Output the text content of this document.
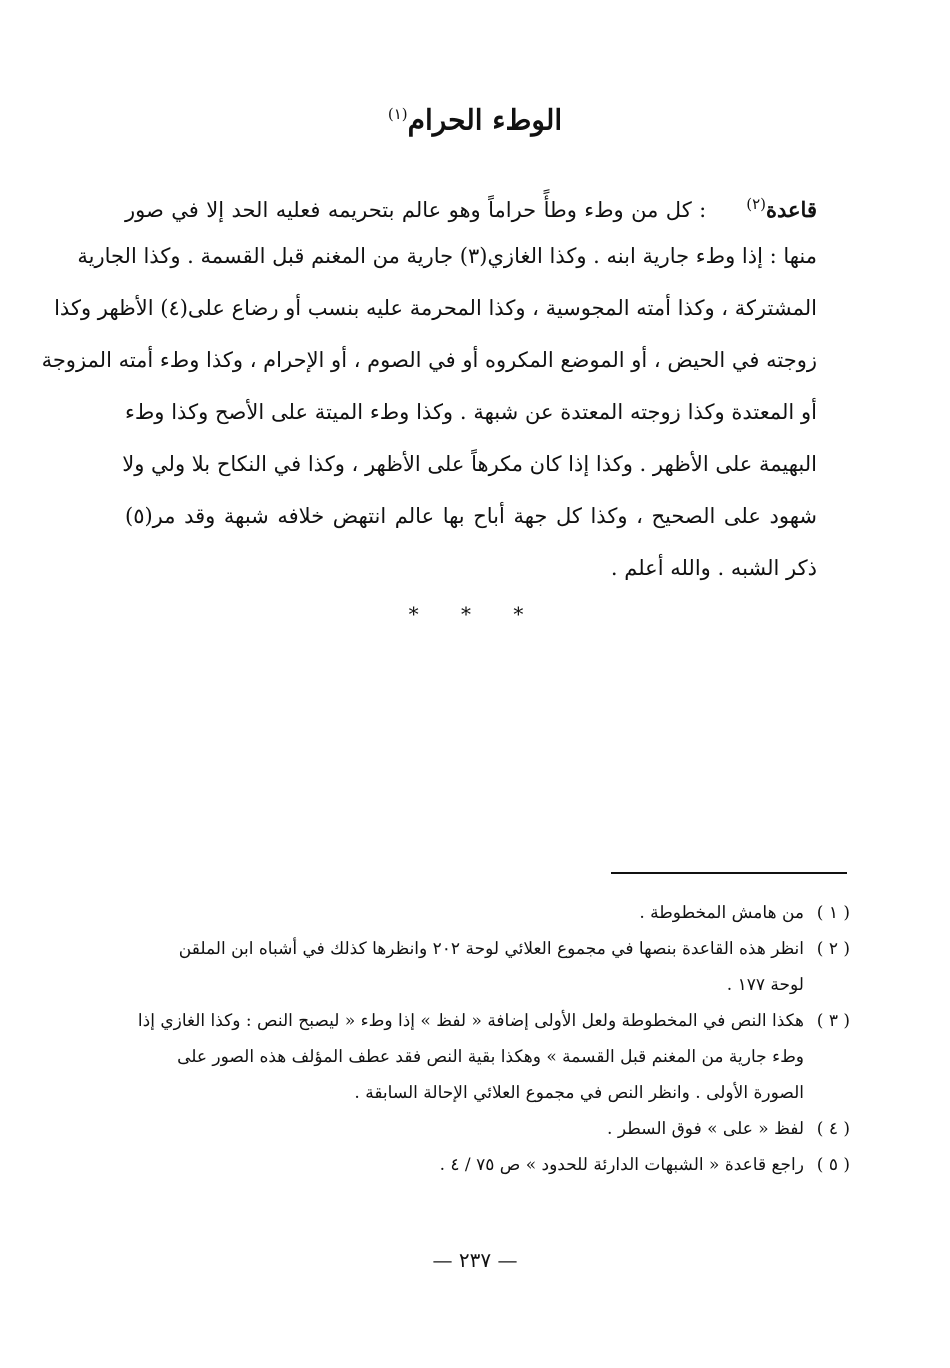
الوطء الحرام$^{(١)}$
قاعدة$^{(٢)}$: كل من وطء وطأً حراماً وهو عالم بتحريمه فعليه الحد إلا في صور
منها : إذا وطء جارية ابنه . وكذا الغازي(٣) جارية من المغنم قبل القسمة . وكذا الجارية
المشتركة ، وكذا أمته المجوسية ، وكذا المحرمة عليه بنسب أو رضاع على(٤) الأظهر وكذا
زوجته في الحيض ، أو الموضع المكروه أو في الصوم ، أو الإحرام ، وكذا وطء أمته المزوجة
أو المعتدة وكذا زوجته المعتدة عن شبهة . وكذا وطء الميتة على الأصح وكذا وطء
البهيمة على الأظهر . وكذا إذا كان مكرهاً على الأظهر ، وكذا في النكاح بلا ولي ولا
شهود على الصحيح ، وكذا كل جهة أباح بها عالم انتهض خلافه شبهة وقد مر(٥)
ذكر الشبه . والله أعلم .
* * *
( ١ )من هامش المخطوطة .
( ٢ )انظر هذه القاعدة بنصها في مجموع العلائي لوحة ٢٠٢ وانظرها كذلك في أشباه ابن الملقن
لوحة ١٧٧ .
( ٣ )هكذا النص في المخطوطة ولعل الأولى إضافة « لفظ » إذا وطء « ليصبح النص : وكذا الغازي إذا
وطء جارية من المغنم قبل القسمة » وهكذا بقية النص فقد عطف المؤلف هذه الصور على
الصورة الأولى . وانظر النص في مجموع العلائي الإحالة السابقة .
( ٤ )لفظ « على » فوق السطر .
( ٥ )راجع قاعدة « الشبهات الدارئة للحدود » ص ٧٥ / ٤ .
— ٢٣٧ —
